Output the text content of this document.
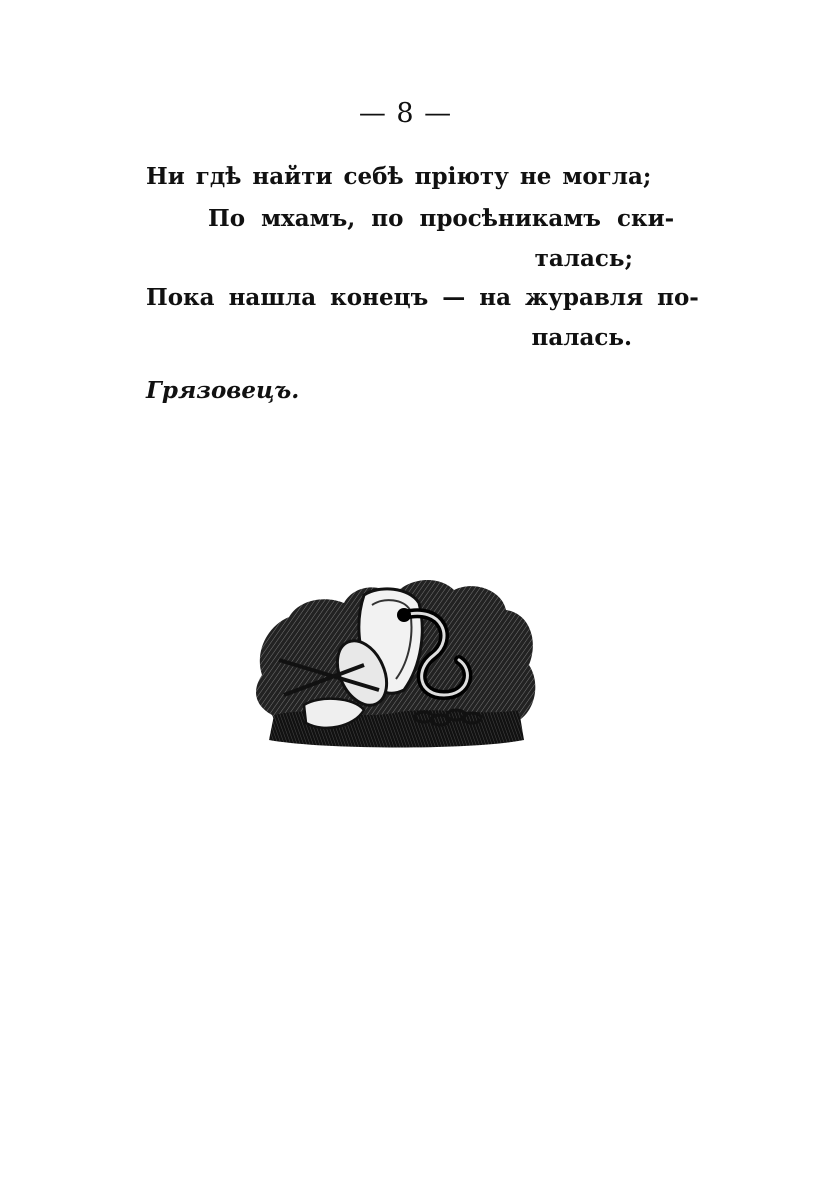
— 8 —
Ни гдѣ найти себѣ пріюту не могла;
По мхамъ, по просѣникамъ ски-
талась;
Пока нашла конецъ — на журавля по-
палась.
Грязовецъ.
